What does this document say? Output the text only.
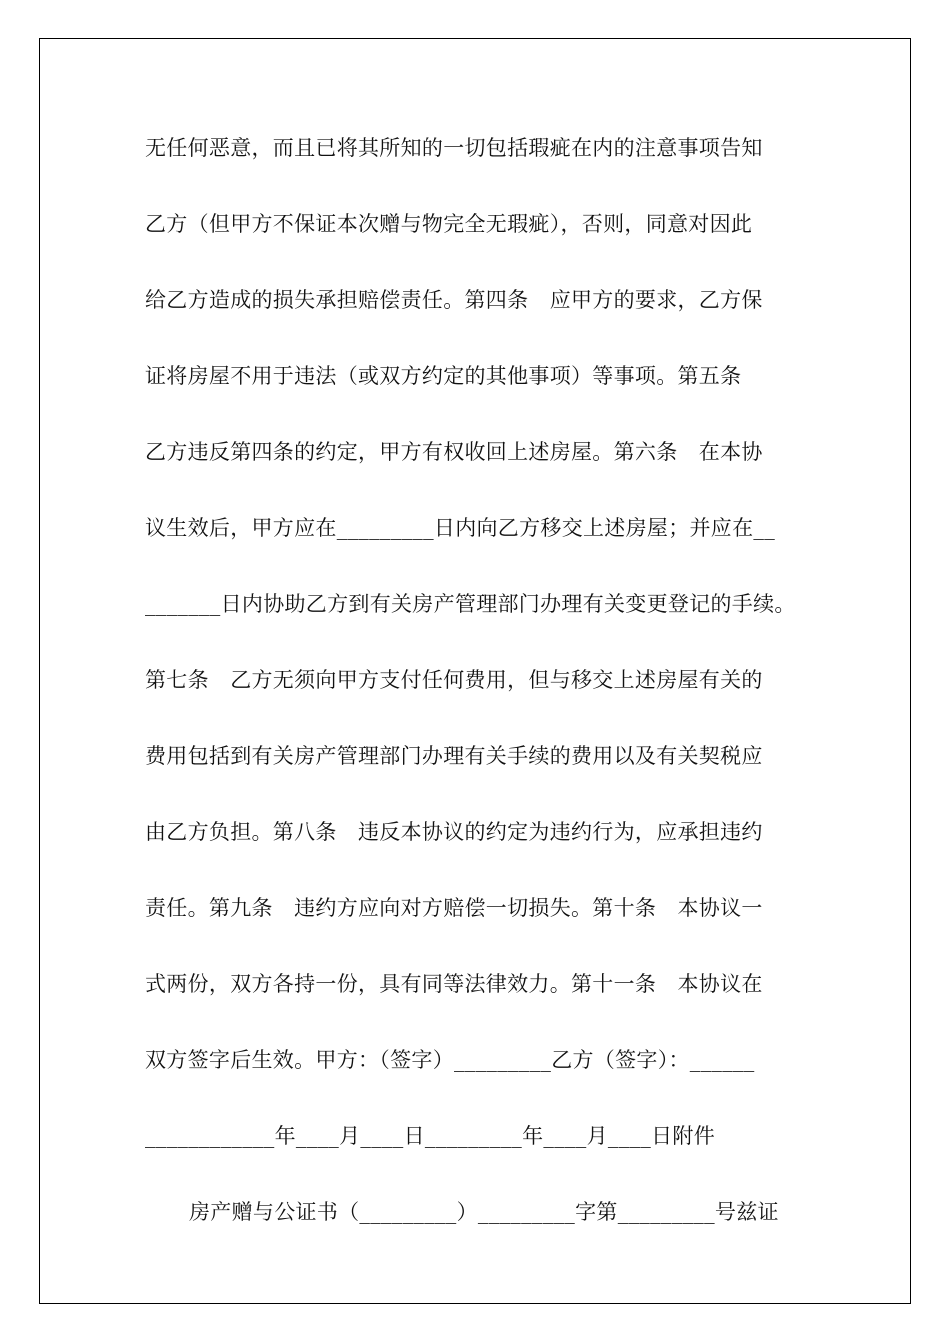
无任何恶意，而且已将其所知的一切包括瑕疵在内的注意事项告知
乙方（但甲方不保证本次赠与物完全无瑕疵），否则，同意对因此
给乙方造成的损失承担赔偿责任。第四条　应甲方的要求，乙方保
证将房屋不用于违法（或双方约定的其他事项）等事项。第五条
乙方违反第四条的约定，甲方有权收回上述房屋。第六条　在本协
议生效后，甲方应在_________日内向乙方移交上述房屋；并应在__
_______日内协助乙方到有关房产管理部门办理有关变更登记的手续。
第七条　乙方无须向甲方支付任何费用，但与移交上述房屋有关的
费用包括到有关房产管理部门办理有关手续的费用以及有关契税应
由乙方负担。第八条　违反本协议的约定为违约行为，应承担违约
责任。第九条　违约方应向对方赔偿一切损失。第十条　本协议一
式两份，双方各持一份，具有同等法律效力。第十一条　本协议在
双方签字后生效。甲方：（签字）_________乙方（签字）：______
____________年____月____日_________年____月____日附件
房产赠与公证书（_________）_________字第_________号兹证
